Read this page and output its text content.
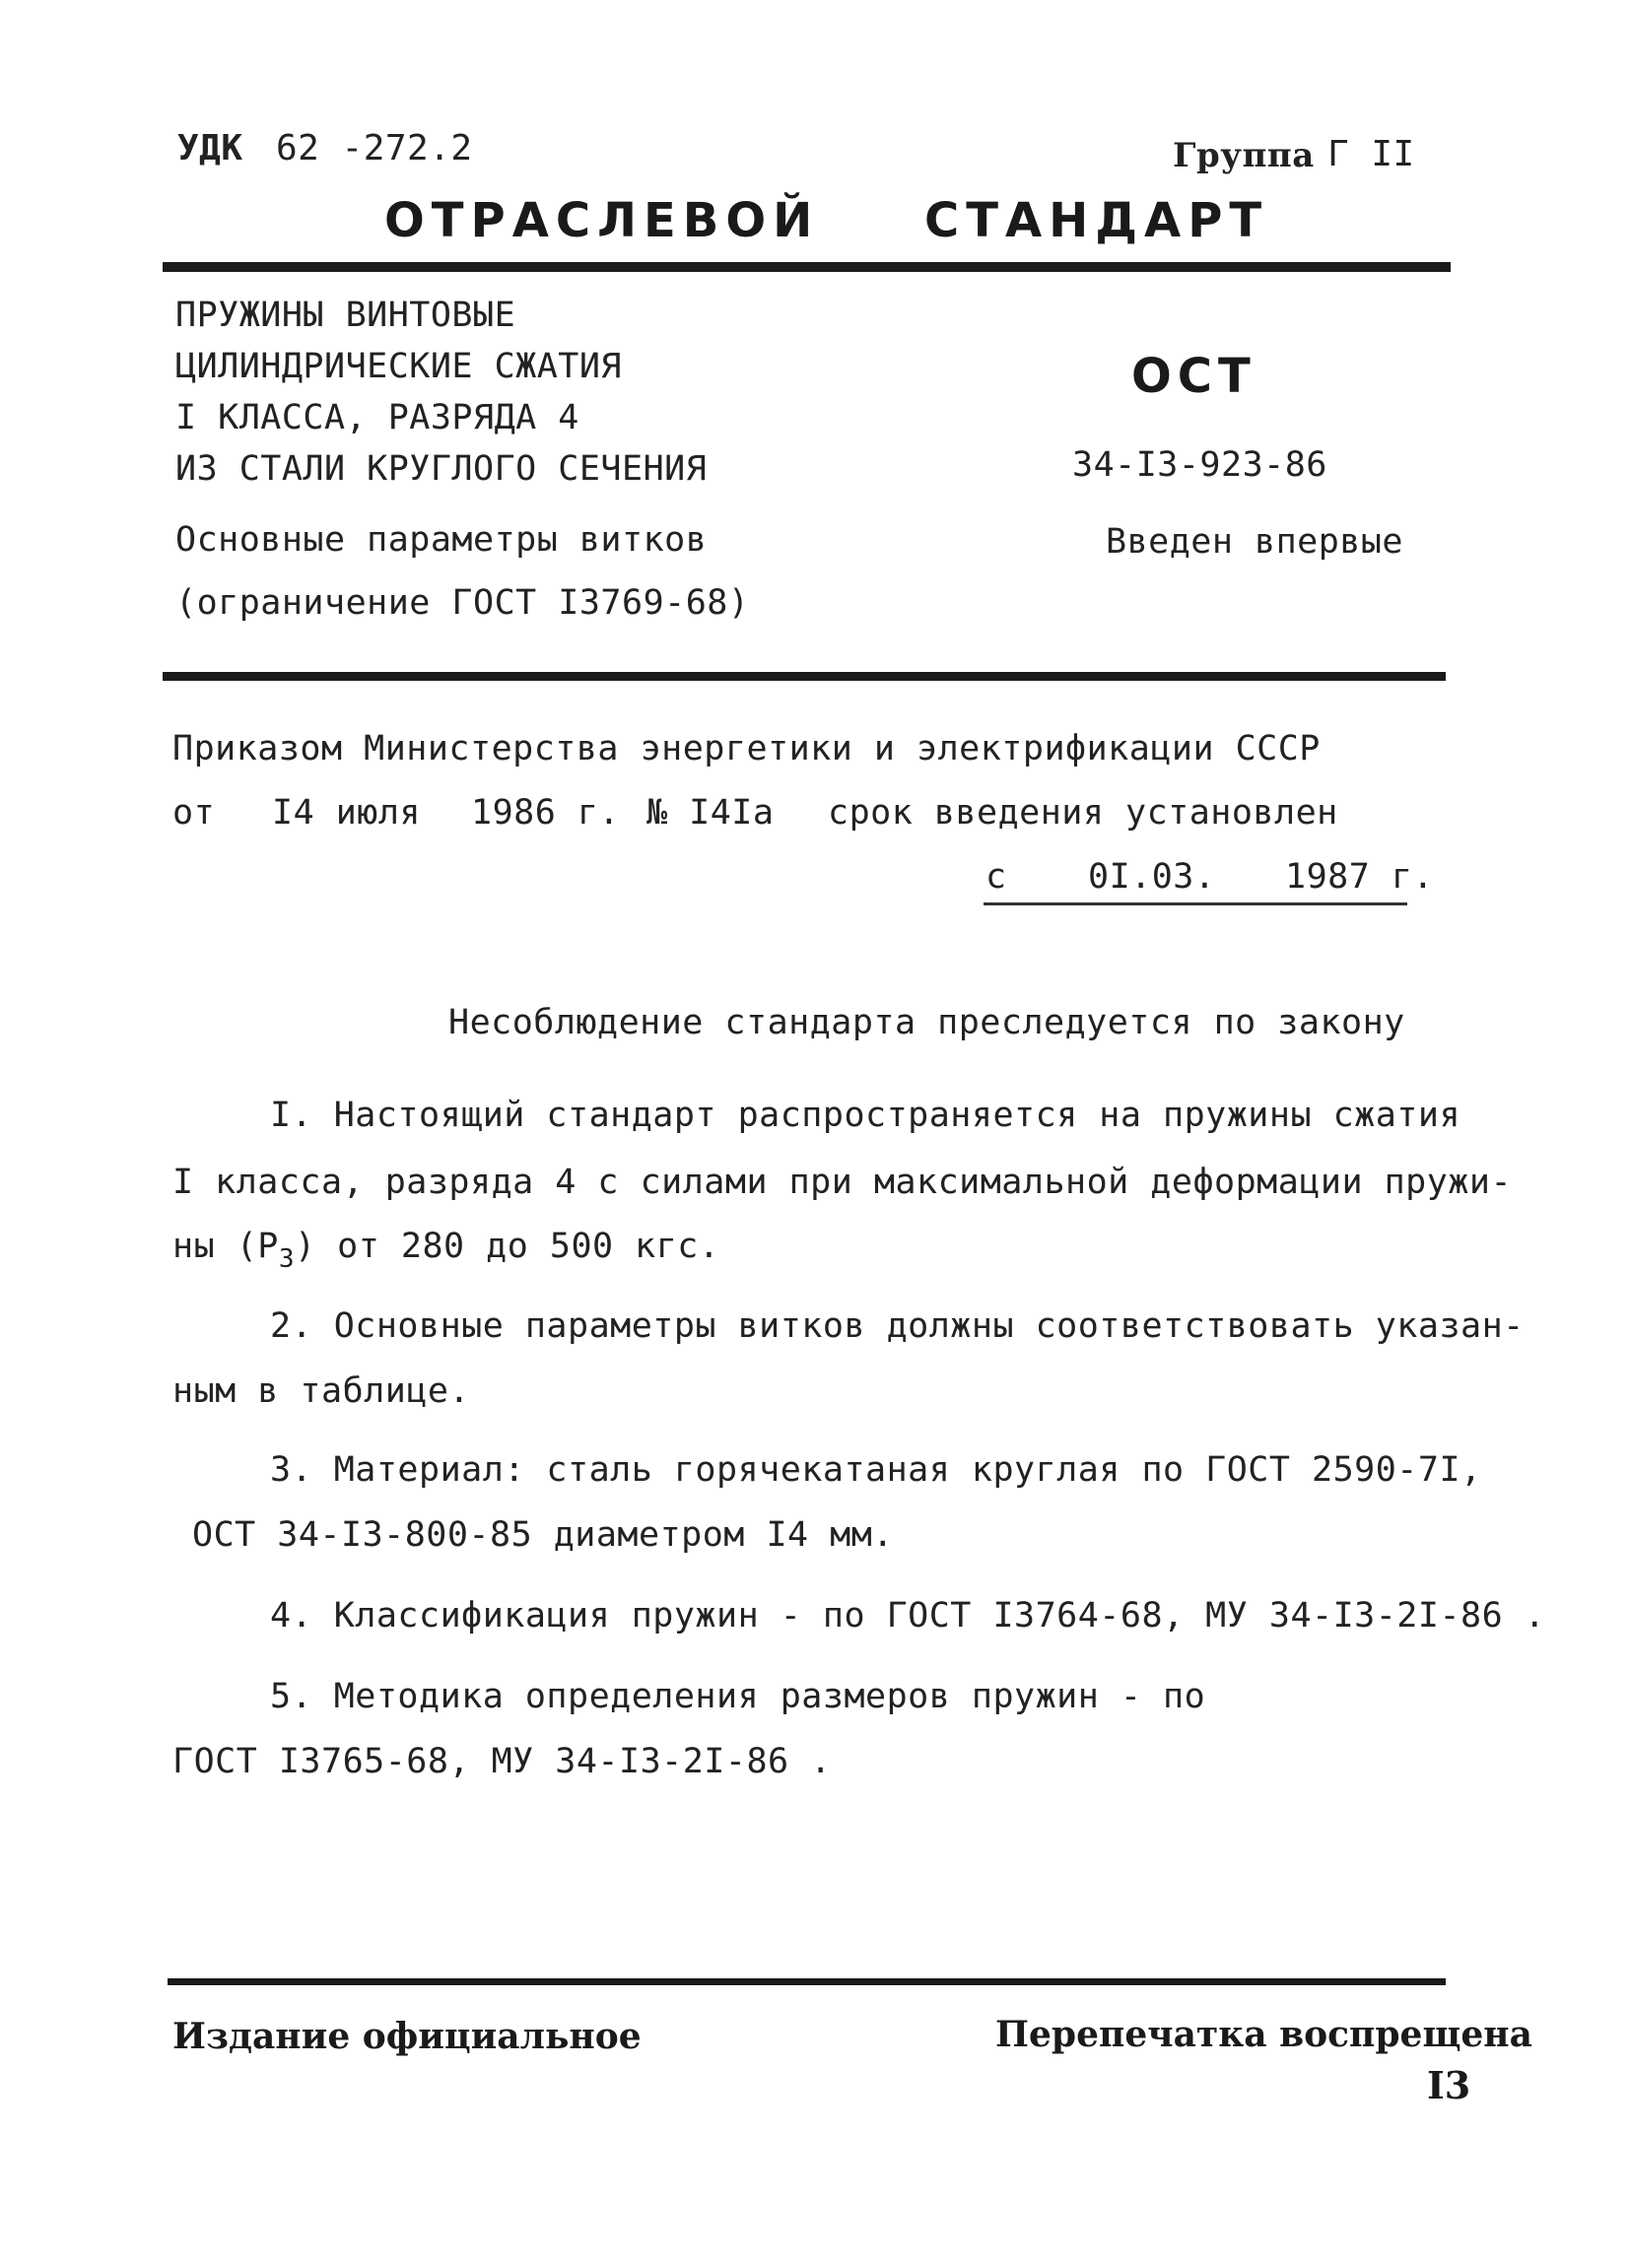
УДК 62 -272.2	Группа Г II
ОТРАСЛЕВОЙ СТАНДАРТ
ПРУЖИНЫ ВИНТОВЫЕ
ЦИЛИНДРИЧЕСКИЕ СЖАТИЯ
I КЛАССА, РАЗРЯДА 4
ИЗ СТАЛИ КРУГЛОГО СЕЧЕНИЯ
Основные параметры витков
(ограничение ГОСТ I3769-68)
ОСТ
34-I3-923-86
Введен впервые
Приказом Министерства энергетики и электрификации СССР
от I4 июля 1986 г. № I4Iа срок введения установлен
с 0I.03. 1987 г.
Несоблюдение стандарта преследуется по закону
I. Настоящий стандарт распространяется на пружины сжатия
I класса, разряда 4 с силами при максимальной деформации пружи-
ны $(Р_3)$ от 280 до 500 кгс.
2. Основные параметры витков должны соответствовать указан-
ным в таблице.
3. Материал: сталь горячекатаная круглая по ГОСТ 2590-7I,
ОСТ 34-I3-800-85 диаметром I4 мм.
4. Классификация пружин - по ГОСТ I3764-68, МУ 34-I3-2I-86 .
5. Методика определения размеров пружин - по
ГОСТ I3765-68, МУ 34-I3-2I-86 .
Издание официальное	Перепечатка воспрещена
I3
